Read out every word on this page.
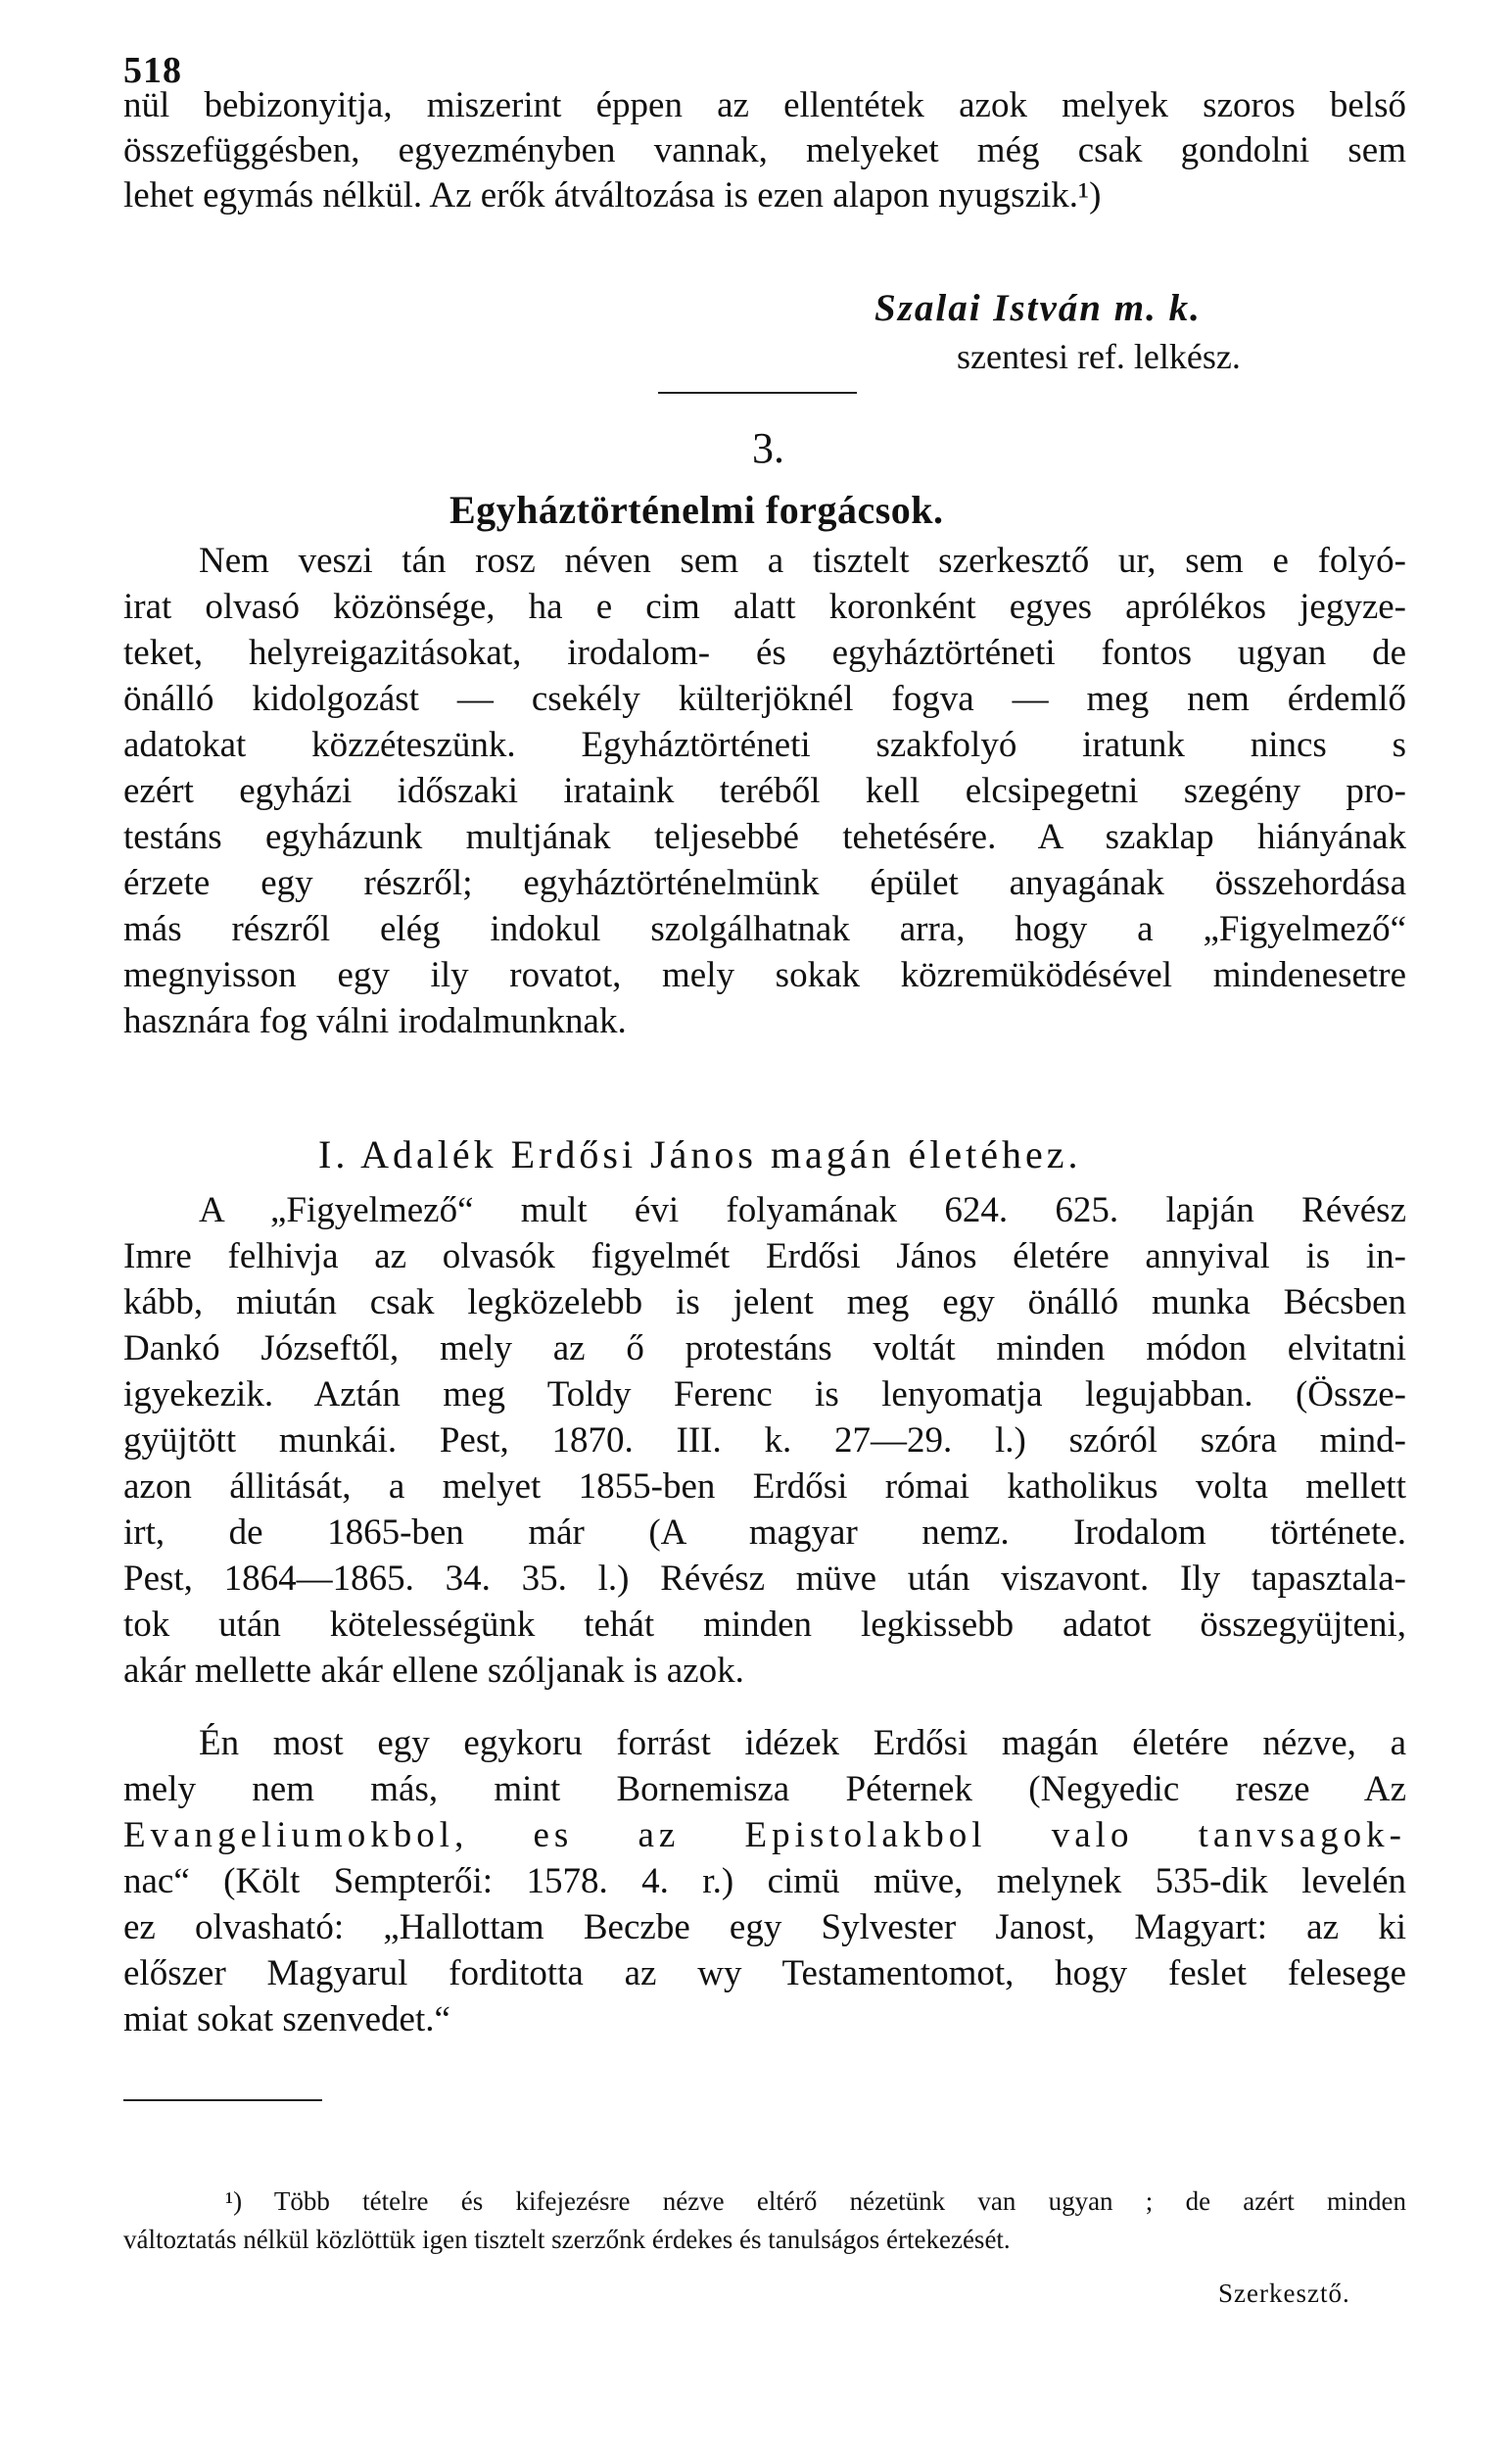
518
nül bebizonyitja, miszerint éppen az ellentétek azok melyek szoros belső
összefüggésben, egyezményben vannak, melyeket még csak gondolni sem
lehet egymás nélkül. Az erők átváltozása is ezen alapon nyugszik.¹)
Szalai István m. k.
szentesi ref. lelkész.
3.
Egyháztörténelmi forgácsok.
Nem veszi tán rosz néven sem a tisztelt szerkesztő ur, sem e folyó-
irat olvasó közönsége, ha e cim alatt koronként egyes aprólékos jegyze-
teket, helyreigazitásokat, irodalom- és egyháztörténeti fontos ugyan de
önálló kidolgozást — csekély külterjöknél fogva — meg nem érdemlő
adatokat közzéteszünk. Egyháztörténeti szakfolyó iratunk nincs s
ezért egyházi időszaki irataink teréből kell elcsipegetni szegény pro-
testáns egyházunk multjának teljesebbé tehetésére. A szaklap hiányának
érzete egy részről; egyháztörténelmünk épület anyagának összehordása
más részről elég indokul szolgálhatnak arra, hogy a „Figyelmező“
megnyisson egy ily rovatot, mely sokak közremüködésével mindenesetre
hasznára fog válni irodalmunknak.
I. Adalék Erdősi János magán életéhez.
A „Figyelmező“ mult évi folyamának 624. 625. lapján Révész
Imre felhivja az olvasók figyelmét Erdősi János életére annyival is in-
kább, miután csak legközelebb is jelent meg egy önálló munka Bécsben
Dankó Józseftől, mely az ő protestáns voltát minden módon elvitatni
igyekezik. Aztán meg Toldy Ferenc is lenyomatja legujabban. (Össze-
gyüjtött munkái. Pest, 1870. III. k. 27—29. l.) szóról szóra mind-
azon állitását, a melyet 1855-ben Erdősi római katholikus volta mellett
irt, de 1865-ben már (A magyar nemz. Irodalom története.
Pest, 1864—1865. 34. 35. l.) Révész müve után viszavont. Ily tapasztala-
tok után kötelességünk tehát minden legkissebb adatot összegyüjteni,
akár mellette akár ellene szóljanak is azok.
Én most egy egykoru forrást idézek Erdősi magán életére nézve, a
mely nem más, mint Bornemisza Péternek (Negyedic resze Az
Evangeliumokbol, es az Epistolakbol valo tanvsagok-
nac“ (Költ Sempterői: 1578. 4. r.) cimü müve, melynek 535-dik levelén
ez olvasható: „Hallottam Beczbe egy Sylvester Janost, Magyart: az ki
előszer Magyarul forditotta az wy Testamentomot, hogy feslet felesege
miat sokat szenvedet.“
¹) Több tételre és kifejezésre nézve eltérő nézetünk van ugyan ; de azért minden
változtatás nélkül közlöttük igen tisztelt szerzőnk érdekes és tanulságos értekezését.
Szerkesztő.
